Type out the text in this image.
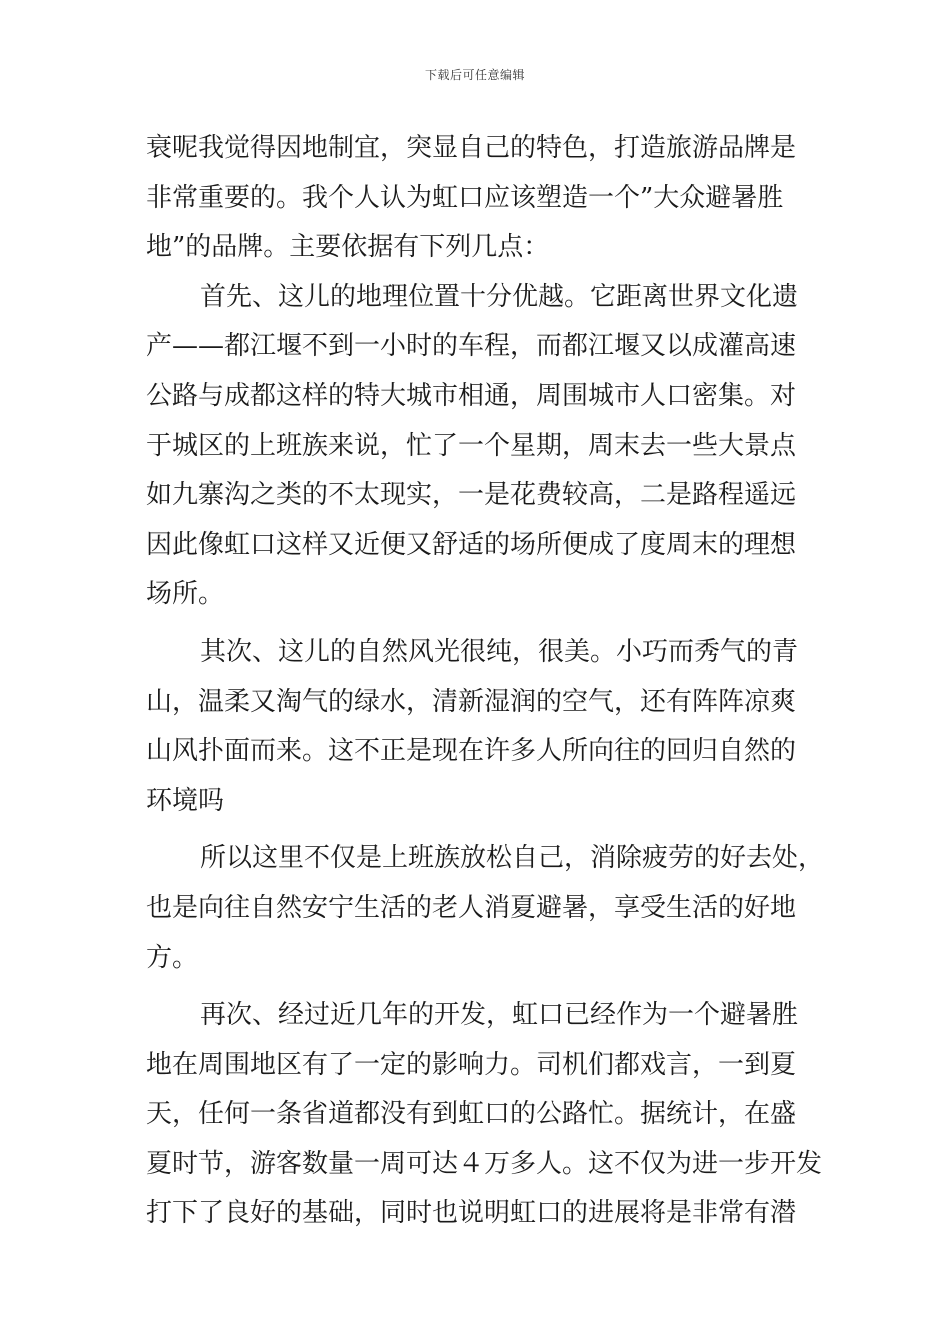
下载后可任意编辑
衰呢我觉得因地制宜，突显自己的特色，打造旅游品牌是
非常重要的。我个人认为虹口应该塑造一个”大众避暑胜
地”的品牌。主要依据有下列几点：
首先、这儿的地理位置十分优越。它距离世界文化遗
产——都江堰不到一小时的车程，而都江堰又以成灌高速
公路与成都这样的特大城市相通，周围城市人口密集。对
于城区的上班族来说，忙了一个星期，周末去一些大景点
如九寨沟之类的不太现实，一是花费较高，二是路程遥远
因此像虹口这样又近便又舒适的场所便成了度周末的理想
场所。
其次、这儿的自然风光很纯，很美。小巧而秀气的青
山，温柔又淘气的绿水，清新湿润的空气，还有阵阵凉爽
山风扑面而来。这不正是现在许多人所向往的回归自然的
环境吗
所以这里不仅是上班族放松自己，消除疲劳的好去处，
也是向往自然安宁生活的老人消夏避暑，享受生活的好地
方。
再次、经过近几年的开发，虹口已经作为一个避暑胜
地在周围地区有了一定的影响力。司机们都戏言，一到夏
天，任何一条省道都没有到虹口的公路忙。据统计，在盛
夏时节，游客数量一周可达４万多人。这不仅为进一步开发
打下了良好的基础，同时也说明虹口的进展将是非常有潜
